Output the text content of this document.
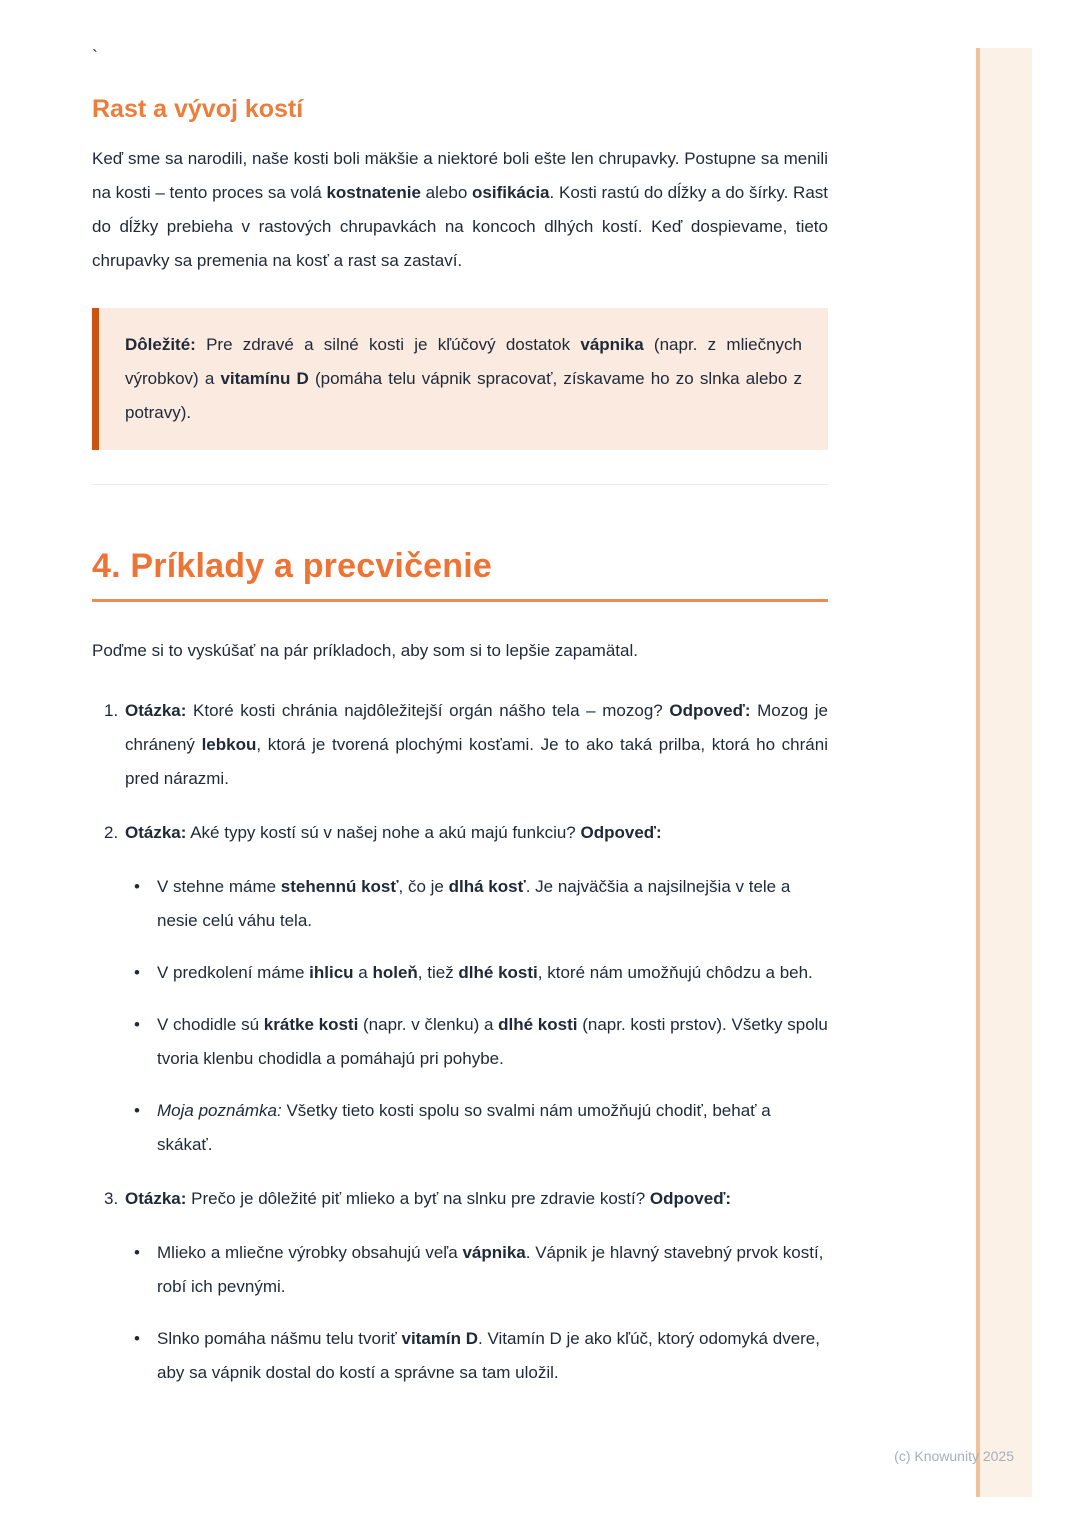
`
Rast a vývoj kostí

Keď sme sa narodili, naše kosti boli mäkšie a niektoré boli ešte len chrupavky. Postupne sa menili na kosti – tento proces sa volá kostnatenie alebo osifikácia. Kosti rastú do dĺžky a do šírky. Rast do dĺžky prebieha v rastových chrupavkách na koncoch dlhých kostí. Keď dospievame, tieto chrupavky sa premenia na kosť a rast sa zastaví.

Dôležité: Pre zdravé a silné kosti je kľúčový dostatok vápnika (napr. z mliečnych výrobkov) a vitamínu D (pomáha telu vápnik spracovať, získavame ho zo slnka alebo z potravy).

4. Príklady a precvičenie

Poďme si to vyskúšať na pár príkladoch, aby som si to lepšie zapamätal.

1. Otázka: Ktoré kosti chránia najdôležitejší orgán nášho tela – mozog? Odpoveď: Mozog je chránený lebkou, ktorá je tvorená plochými kosťami. Je to ako taká prilba, ktorá ho chráni pred nárazmi.
2. Otázka: Aké typy kostí sú v našej nohe a akú majú funkciu? Odpoveď:
•
V stehne máme stehennú kosť, čo je dlhá kosť. Je najväčšia a najsilnejšia v tele a nesie celú váhu tela.
•
V predkolení máme ihlicu a holeň, tiež dlhé kosti, ktoré nám umožňujú chôdzu a beh.
•
V chodidle sú krátke kosti (napr. v členku) a dlhé kosti (napr. kosti prstov). Všetky spolu tvoria klenbu chodidla a pomáhajú pri pohybe.
•
Moja poznámka: Všetky tieto kosti spolu so svalmi nám umožňujú chodiť, behať a skákať.
3. Otázka: Prečo je dôležité piť mlieko a byť na slnku pre zdravie kostí? Odpoveď:
•
Mlieko a mliečne výrobky obsahujú veľa vápnika. Vápnik je hlavný stavebný prvok kostí, robí ich pevnými.
•
Slnko pomáha nášmu telu tvoriť vitamín D. Vitamín D je ako kľúč, ktorý odomyká dvere, aby sa vápnik dostal do kostí a správne sa tam uložil.
(c) Knowunity 2025
